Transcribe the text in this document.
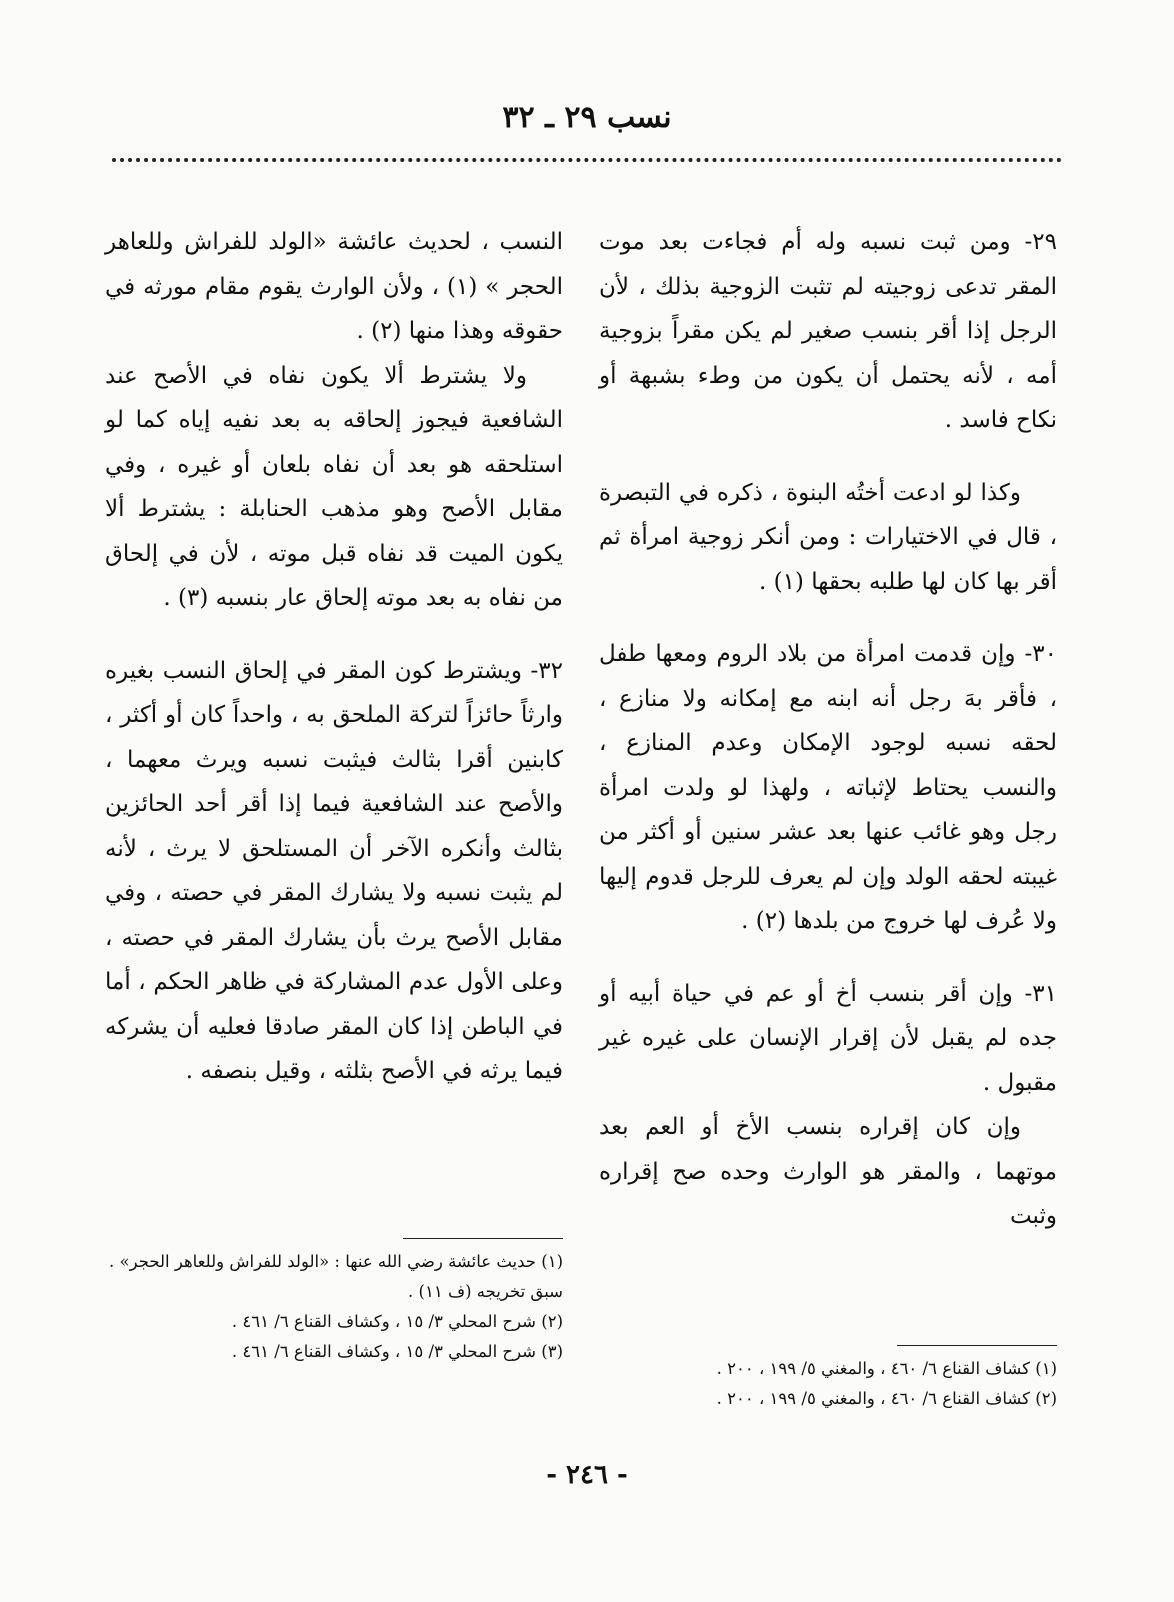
نسب ٢٩ ـ ٣٢

٢٩- ومن ثبت نسبه وله أم فجاءت بعد موت المقر تدعى زوجيته لم تثبت الزوجية بذلك ، لأن الرجل إذا أقر بنسب صغير لم يكن مقراً بزوجية أمه ، لأنه يحتمل أن يكون من وطء بشبهة أو نكاح فاسد .

وكذا لو ادعت أختُه البنوة ، ذكره في التبصرة ، قال في الاختيارات : ومن أنكر زوجية امرأة ثم أقر بها كان لها طلبه بحقها (١) .

٣٠- وإن قدمت امرأة من بلاد الروم ومعها طفل ، فأقر بهَ رجل أنه ابنه مع إمكانه ولا منازع ، لحقه نسبه لوجود الإمكان وعدم المنازع ، والنسب يحتاط لإثباته ، ولهذا لو ولدت امرأة رجل وهو غائب عنها بعد عشر سنين أو أكثر من غيبته لحقه الولد وإن لم يعرف للرجل قدوم إليها ولا عُرف لها خروج من بلدها (٢) .

٣١- وإن أقر بنسب أخ أو عم في حياة أبيه أو جده لم يقبل لأن إقرار الإنسان على غيره غير مقبول .

وإن كان إقراره بنسب الأخ أو العم بعد موتهما ، والمقر هو الوارث وحده صح إقراره وثبت

النسب ، لحديث عائشة «الولد للفراش وللعاهر الحجر » (١) ، ولأن الوارث يقوم مقام مورثه في حقوقه وهذا منها (٢) .

ولا يشترط ألا يكون نفاه في الأصح عند الشافعية فيجوز إلحاقه به بعد نفيه إياه كما لو استلحقه هو بعد أن نفاه بلعان أو غيره ، وفي مقابل الأصح وهو مذهب الحنابلة : يشترط ألا يكون الميت قد نفاه قبل موته ، لأن في إلحاق من نفاه به بعد موته إلحاق عار بنسبه (٣) .

٣٢- ويشترط كون المقر في إلحاق النسب بغيره وارثاً حائزاً لتركة الملحق به ، واحداً كان أو أكثر ، كابنين أقرا بثالث فيثبت نسبه ويرث معهما ، والأصح عند الشافعية فيما إذا أقر أحد الحائزين بثالث وأنكره الآخر أن المستلحق لا يرث ، لأنه لم يثبت نسبه ولا يشارك المقر في حصته ، وفي مقابل الأصح يرث بأن يشارك المقر في حصته ، وعلى الأول عدم المشاركة في ظاهر الحكم ، أما في الباطن إذا كان المقر صادقا فعليه أن يشركه فيما يرثه في الأصح بثلثه ، وقيل بنصفه .

(١) حديث عائشة رضي الله عنها : «الولد للفراش وللعاهر الحجر» .

سبق تخريجه (ف ١١) .

(٢) شرح المحلي ٣/ ١٥ ، وكشاف القناع ٦/ ٤٦١ .

(٣) شرح المحلي ٣/ ١٥ ، وكشاف القناع ٦/ ٤٦١ .

(١) كشاف القناع ٦/ ٤٦٠ ، والمغني ٥/ ١٩٩ ، ٢٠٠ .

(٢) كشاف القناع ٦/ ٤٦٠ ، والمغني ٥/ ١٩٩ ، ٢٠٠ .

- ٢٤٦ -
